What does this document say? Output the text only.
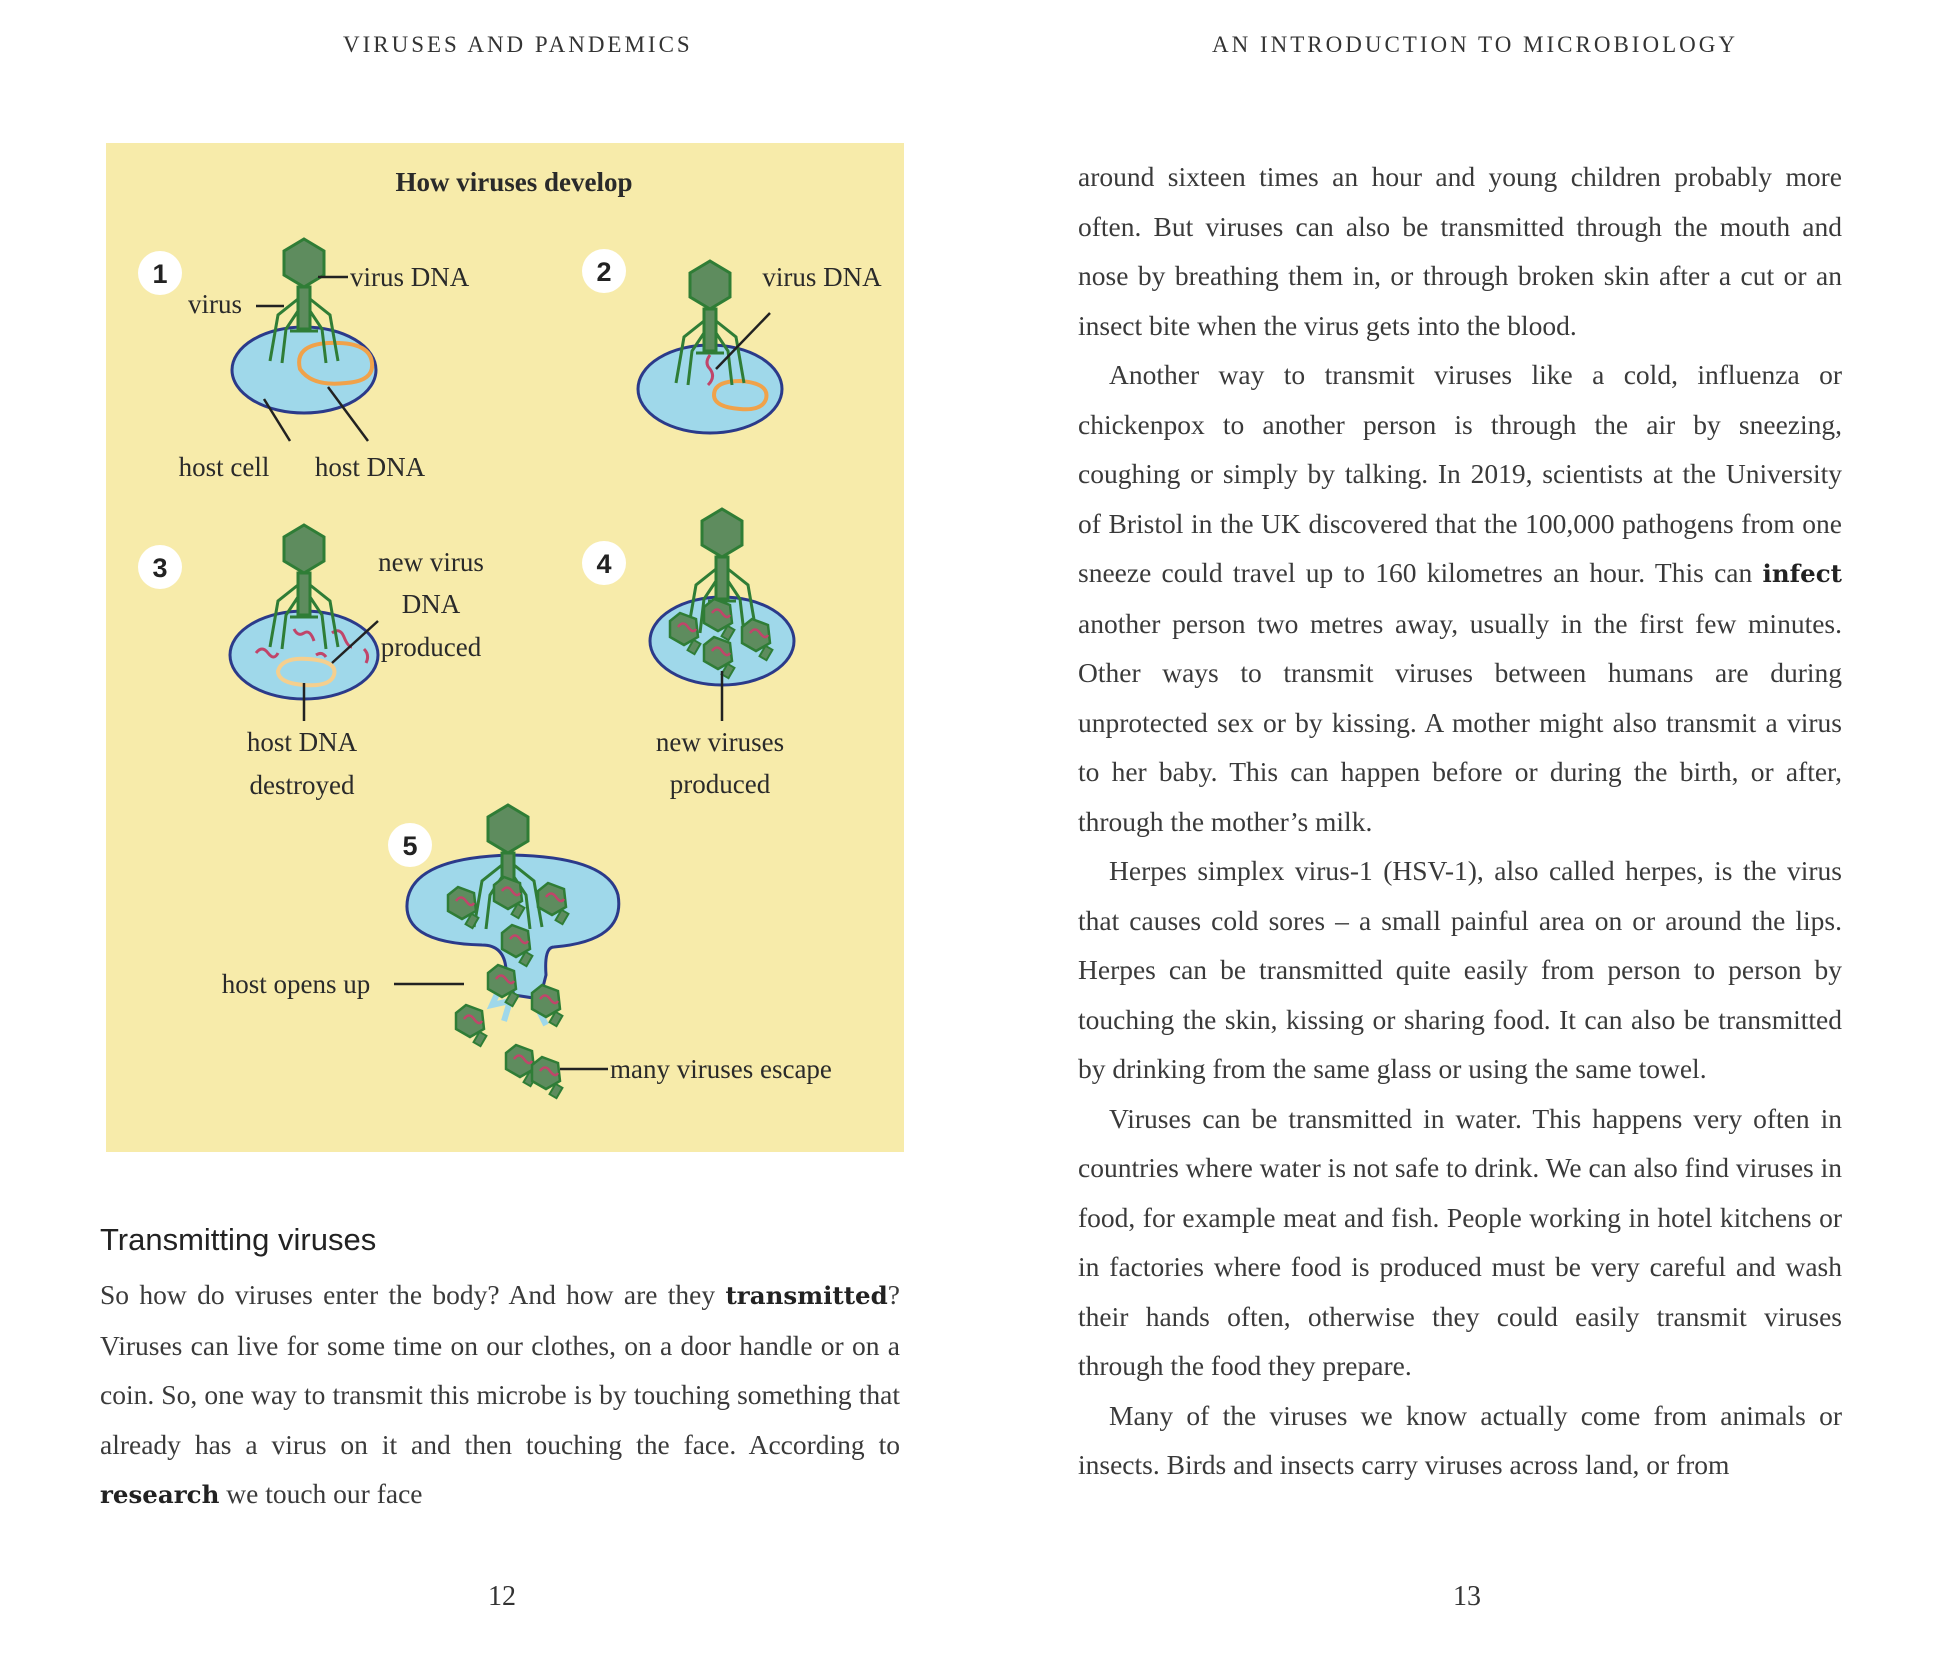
VIRUSES AND PANDEMICS
How viruses develop
1	virus DNA
virus
host cell host DNA
2	virus DNA
3	new virus
DNA
produced
host DNA
destroyed
4
new viruses
produced
5
host opens up
many viruses escape
Transmitting viruses

So how do viruses enter the body? And how are they transmitted? Viruses can live for some time on our clothes, on a door handle or on a coin. So, one way to transmit this microbe is by touching something that already has a virus on it and then touching the face. According to research we touch our face

12
AN INTRODUCTION TO MICROBIOLOGY

around sixteen times an hour and young children probably more often. But viruses can also be transmitted through the mouth and nose by breathing them in, or through broken skin after a cut or an insect bite when the virus gets into the blood.

Another way to transmit viruses like a cold, influenza or chickenpox to another person is through the air by sneezing, coughing or simply by talking. In 2019, scientists at the University of Bristol in the UK discovered that the 100,000 pathogens from one sneeze could travel up to 160 kilometres an hour. This can infect another person two metres away, usually in the first few minutes. Other ways to transmit viruses between humans are during unprotected sex or by kissing. A mother might also transmit a virus to her baby. This can happen before or during the birth, or after, through the mother’s milk.

Herpes simplex virus-1 (HSV-1), also called herpes, is the virus that causes cold sores – a small painful area on or around the lips. Herpes can be transmitted quite easily from person to person by touching the skin, kissing or sharing food. It can also be transmitted by drinking from the same glass or using the same towel.

Viruses can be transmitted in water. This happens very often in countries where water is not safe to drink. We can also find viruses in food, for example meat and fish. People working in hotel kitchens or in factories where food is produced must be very careful and wash their hands often, otherwise they could easily transmit viruses through the food they prepare.

Many of the viruses we know actually come from animals or insects. Birds and insects carry viruses across land, or from

13
